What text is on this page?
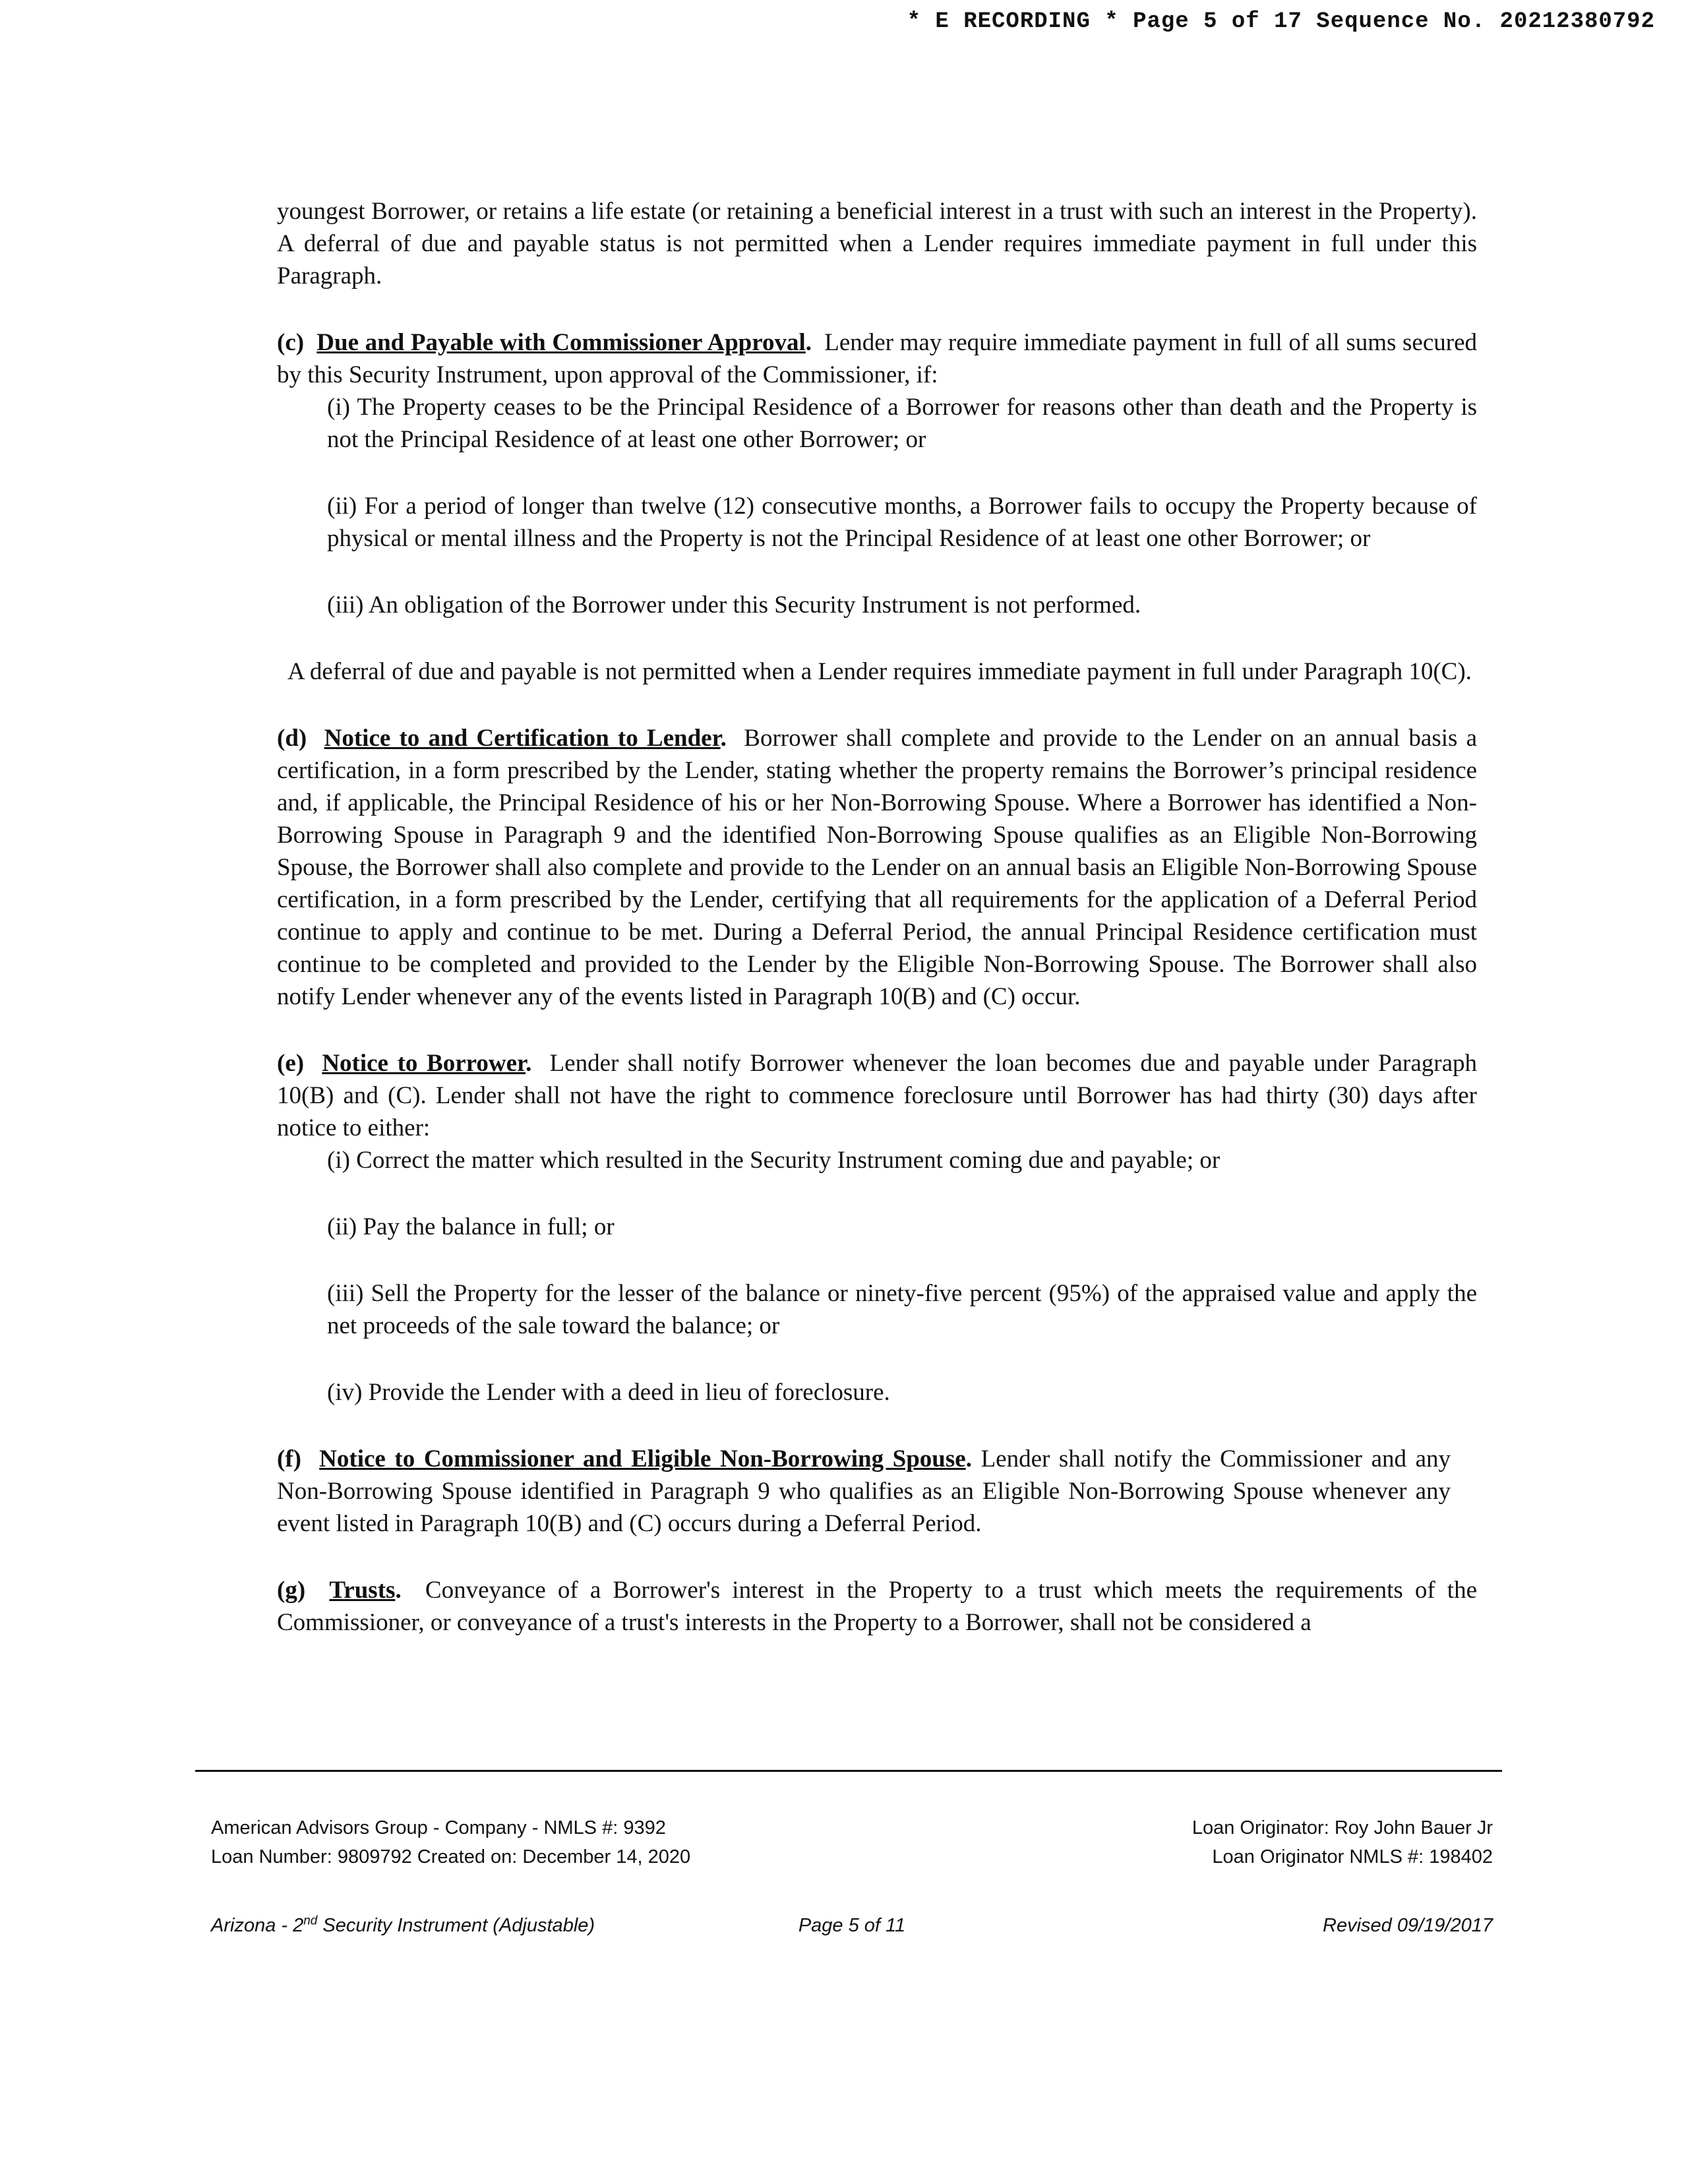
* E RECORDING * Page 5 of 17 Sequence No. 20212380792

youngest Borrower, or retains a life estate (or retaining a beneficial interest in a trust with such an interest in the Property). A deferral of due and payable status is not permitted when a Lender requires immediate payment in full under this Paragraph.

(c) Due and Payable with Commissioner Approval. Lender may require immediate payment in full of all sums secured by this Security Instrument, upon approval of the Commissioner, if:
(i) The Property ceases to be the Principal Residence of a Borrower for reasons other than death and the Property is not the Principal Residence of at least one other Borrower; or
(ii) For a period of longer than twelve (12) consecutive months, a Borrower fails to occupy the Property because of physical or mental illness and the Property is not the Principal Residence of at least one other Borrower; or
(iii) An obligation of the Borrower under this Security Instrument is not performed.

A deferral of due and payable is not permitted when a Lender requires immediate payment in full under Paragraph 10(C).

(d) Notice to and Certification to Lender. Borrower shall complete and provide to the Lender on an annual basis a certification, in a form prescribed by the Lender, stating whether the property remains the Borrower’s principal residence and, if applicable, the Principal Residence of his or her Non-Borrowing Spouse. Where a Borrower has identified a Non-Borrowing Spouse in Paragraph 9 and the identified Non-Borrowing Spouse qualifies as an Eligible Non-Borrowing Spouse, the Borrower shall also complete and provide to the Lender on an annual basis an Eligible Non-Borrowing Spouse certification, in a form prescribed by the Lender, certifying that all requirements for the application of a Deferral Period continue to apply and continue to be met. During a Deferral Period, the annual Principal Residence certification must continue to be completed and provided to the Lender by the Eligible Non-Borrowing Spouse. The Borrower shall also notify Lender whenever any of the events listed in Paragraph 10(B) and (C) occur.

(e) Notice to Borrower. Lender shall notify Borrower whenever the loan becomes due and payable under Paragraph 10(B) and (C). Lender shall not have the right to commence foreclosure until Borrower has had thirty (30) days after notice to either:
(i) Correct the matter which resulted in the Security Instrument coming due and payable; or
(ii) Pay the balance in full; or
(iii) Sell the Property for the lesser of the balance or ninety-five percent (95%) of the appraised value and apply the net proceeds of the sale toward the balance; or
(iv) Provide the Lender with a deed in lieu of foreclosure.

(f) Notice to Commissioner and Eligible Non-Borrowing Spouse. Lender shall notify the Commissioner and any Non-Borrowing Spouse identified in Paragraph 9 who qualifies as an Eligible Non-Borrowing Spouse whenever any event listed in Paragraph 10(B) and (C) occurs during a Deferral Period.

(g) Trusts. Conveyance of a Borrower's interest in the Property to a trust which meets the requirements of the Commissioner, or conveyance of a trust's interests in the Property to a Borrower, shall not be considered a

American Advisors Group - Company - NMLS #: 9392	Loan Originator: Roy John Bauer Jr
Loan Number: 9809792 Created on: December 14, 2020	Loan Originator NMLS #: 198402
Arizona - 2nd Security Instrument (Adjustable)	Page 5 of 11	Revised 09/19/2017
